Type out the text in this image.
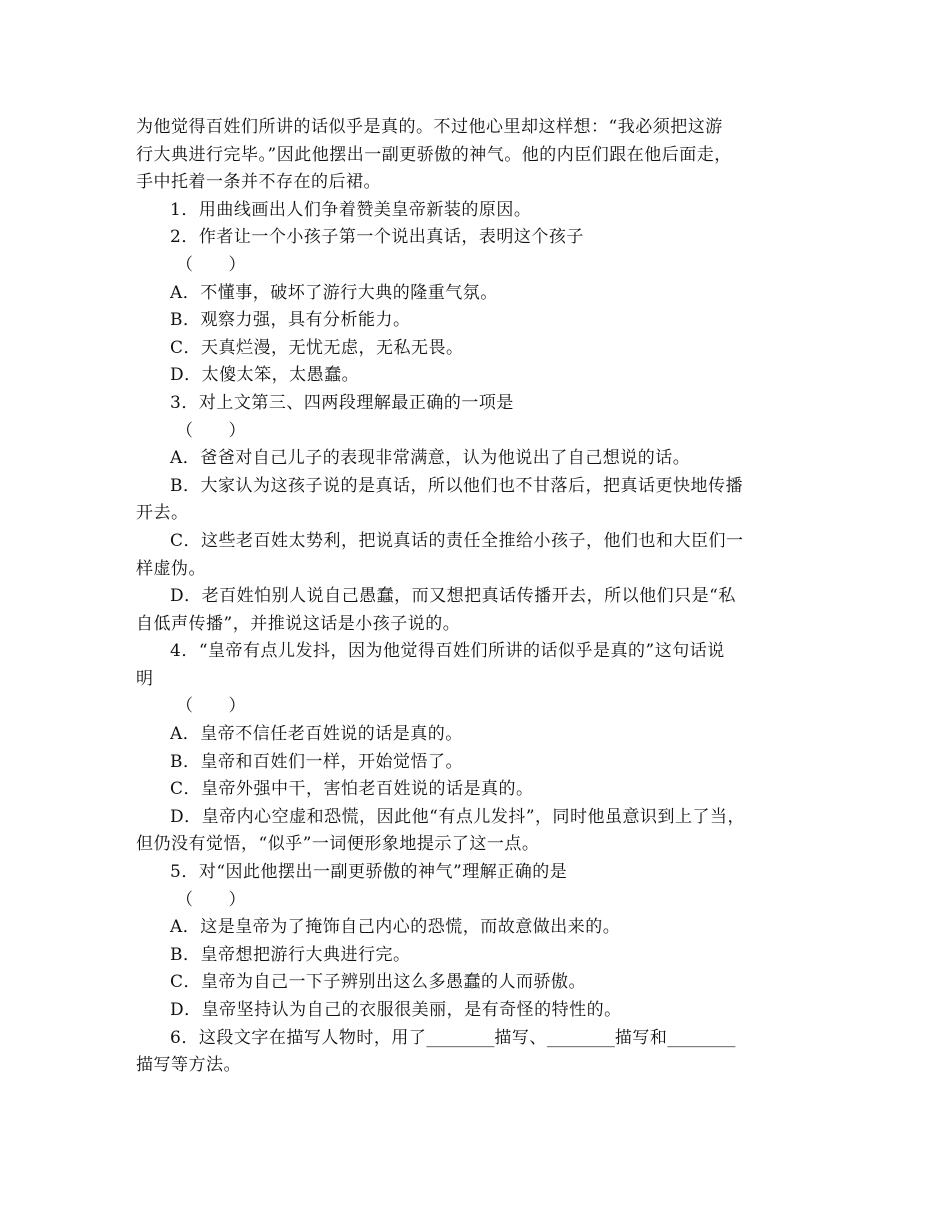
为他觉得百姓们所讲的话似乎是真的。不过他心里却这样想：“我必须把这游
行大典进行完毕。”因此他摆出一副更骄傲的神气。他的内臣们跟在他后面走，
手中托着一条并不存在的后裙。
1．用曲线画出人们争着赞美皇帝新装的原因。
2．作者让一个小孩子第一个说出真话，表明这个孩子
（　　）
A．不懂事，破坏了游行大典的隆重气氛。
B．观察力强，具有分析能力。
C．天真烂漫，无忧无虑，无私无畏。
D．太傻太笨，太愚蠢。
3．对上文第三、四两段理解最正确的一项是
（　　）
A．爸爸对自己儿子的表现非常满意，认为他说出了自己想说的话。
B．大家认为这孩子说的是真话，所以他们也不甘落后，把真话更快地传播
开去。
C．这些老百姓太势利，把说真话的责任全推给小孩子，他们也和大臣们一
样虚伪。
D．老百姓怕别人说自己愚蠢，而又想把真话传播开去，所以他们只是“私
自低声传播”，并推说这话是小孩子说的。
4．“皇帝有点儿发抖，因为他觉得百姓们所讲的话似乎是真的”这句话说
明
（　　）
A．皇帝不信任老百姓说的话是真的。
B．皇帝和百姓们一样，开始觉悟了。
C．皇帝外强中干，害怕老百姓说的话是真的。
D．皇帝内心空虚和恐慌，因此他“有点儿发抖”，同时他虽意识到上了当，
但仍没有觉悟，“似乎”一词便形象地提示了这一点。
5．对“因此他摆出一副更骄傲的神气”理解正确的是
（　　）
A．这是皇帝为了掩饰自己内心的恐慌，而故意做出来的。
B．皇帝想把游行大典进行完。
C．皇帝为自己一下子辨别出这么多愚蠢的人而骄傲。
D．皇帝坚持认为自己的衣服很美丽，是有奇怪的特性的。
6．这段文字在描写人物时，用了________描写、________描写和________
描写等方法。
